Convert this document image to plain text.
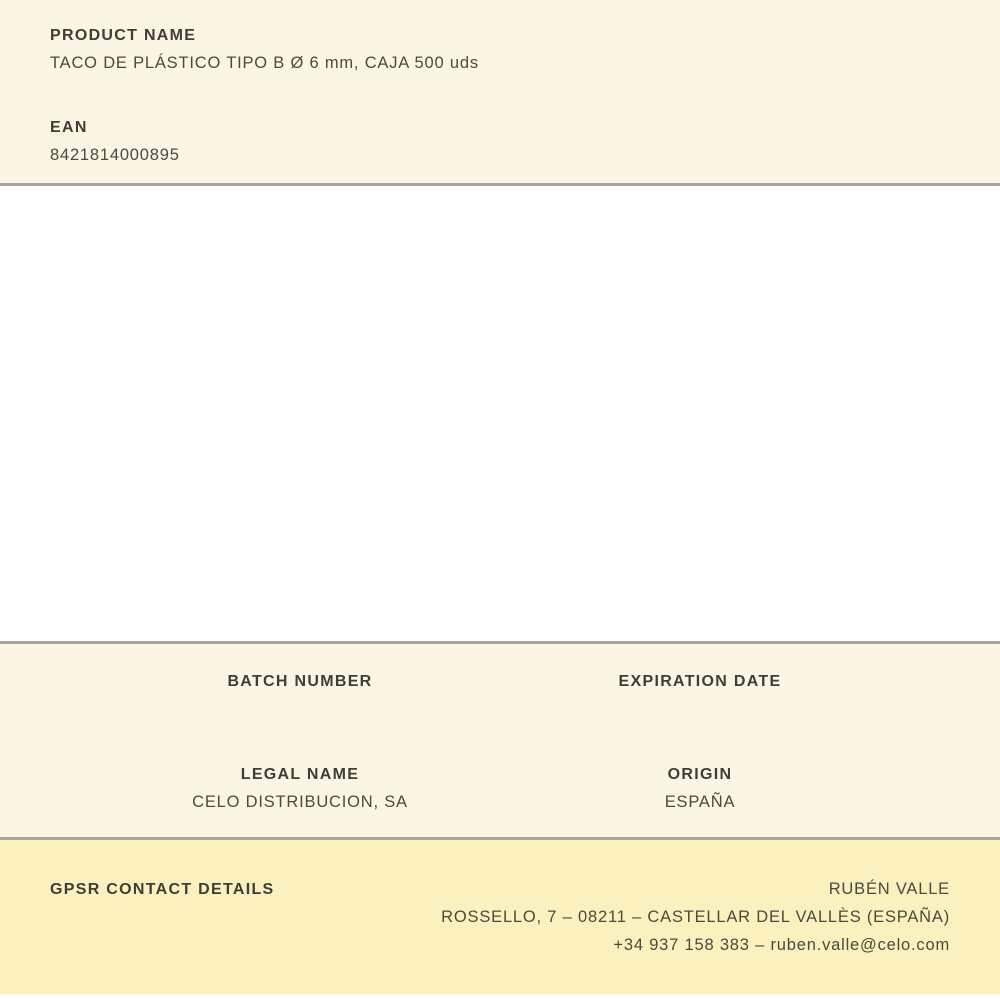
PRODUCT NAME
TACO DE PLÁSTICO TIPO B Ø 6 mm, CAJA 500 uds
EAN
8421814000895
BATCH NUMBER	EXPIRATION DATE
LEGAL NAME
CELO DISTRIBUCION, SA
ORIGIN
ESPAÑA
GPSR CONTACT DETAILS	RUBÉN VALLE
ROSSELLO, 7 – 08211 – CASTELLAR DEL VALLÈS (ESPAÑA)
+34 937 158 383 – ruben.valle@celo.com
